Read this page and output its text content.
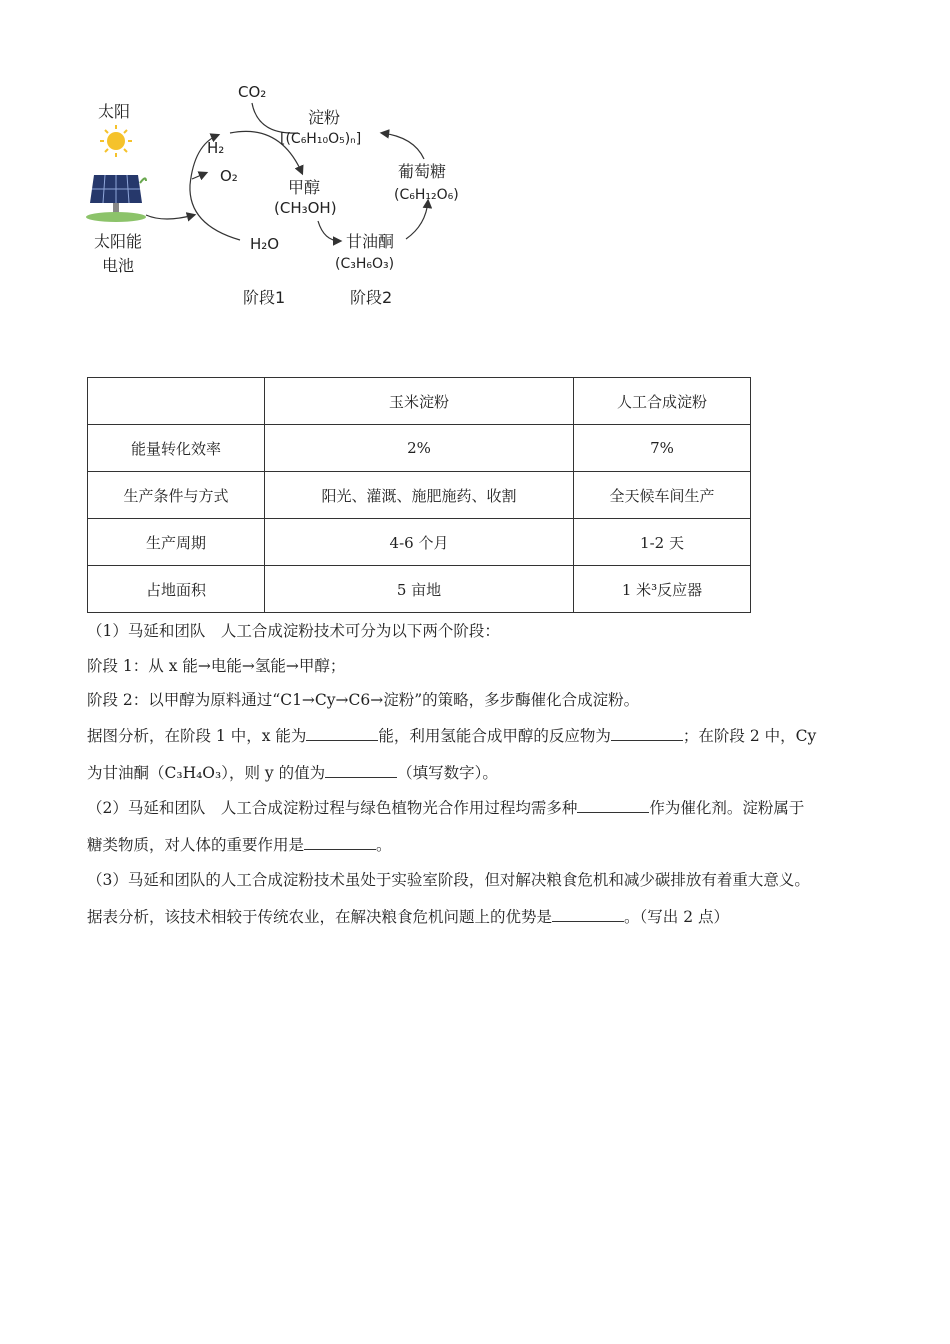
太阳
太阳能
电池
H₂
O₂
H₂O
CO₂
淀粉
[(C₆H₁₀O₅)ₙ]
甲醇
(CH₃OH)
甘油酮
(C₃H₆O₃)
葡萄糖
(C₆H₁₂O₆)
阶段1	阶段2
	玉米淀粉	人工合成淀粉
能量转化效率	2%	7%
生产条件与方式	阳光、灌溉、施肥施药、收割	全天候车间生产
生产周期	4-6 个月	1-2 天
占地面积	5 亩地	1 米³反应器
（1）马延和团队　人工合成淀粉技术可分为以下两个阶段：
阶段 1：从 x 能→电能→氢能→甲醇；
阶段 2：以甲醇为原料通过“C1→Cy→C6→淀粉”的策略，多步酶催化合成淀粉。
据图分析，在阶段 1 中，x 能为	能，利用氢能合成甲醇的反应物为	；在阶段 2 中，Cy
为甘油酮（C₃H₄O₃），则 y 的值为	（填写数字）。
（2）马延和团队　人工合成淀粉过程与绿色植物光合作用过程均需多种	作为催化剂。淀粉属于
糖类物质，对人体的重要作用是	。
（3）马延和团队的人工合成淀粉技术虽处于实验室阶段，但对解决粮食危机和减少碳排放有着重大意义。
据表分析，该技术相较于传统农业，在解决粮食危机问题上的优势是	。（写出 2 点）
